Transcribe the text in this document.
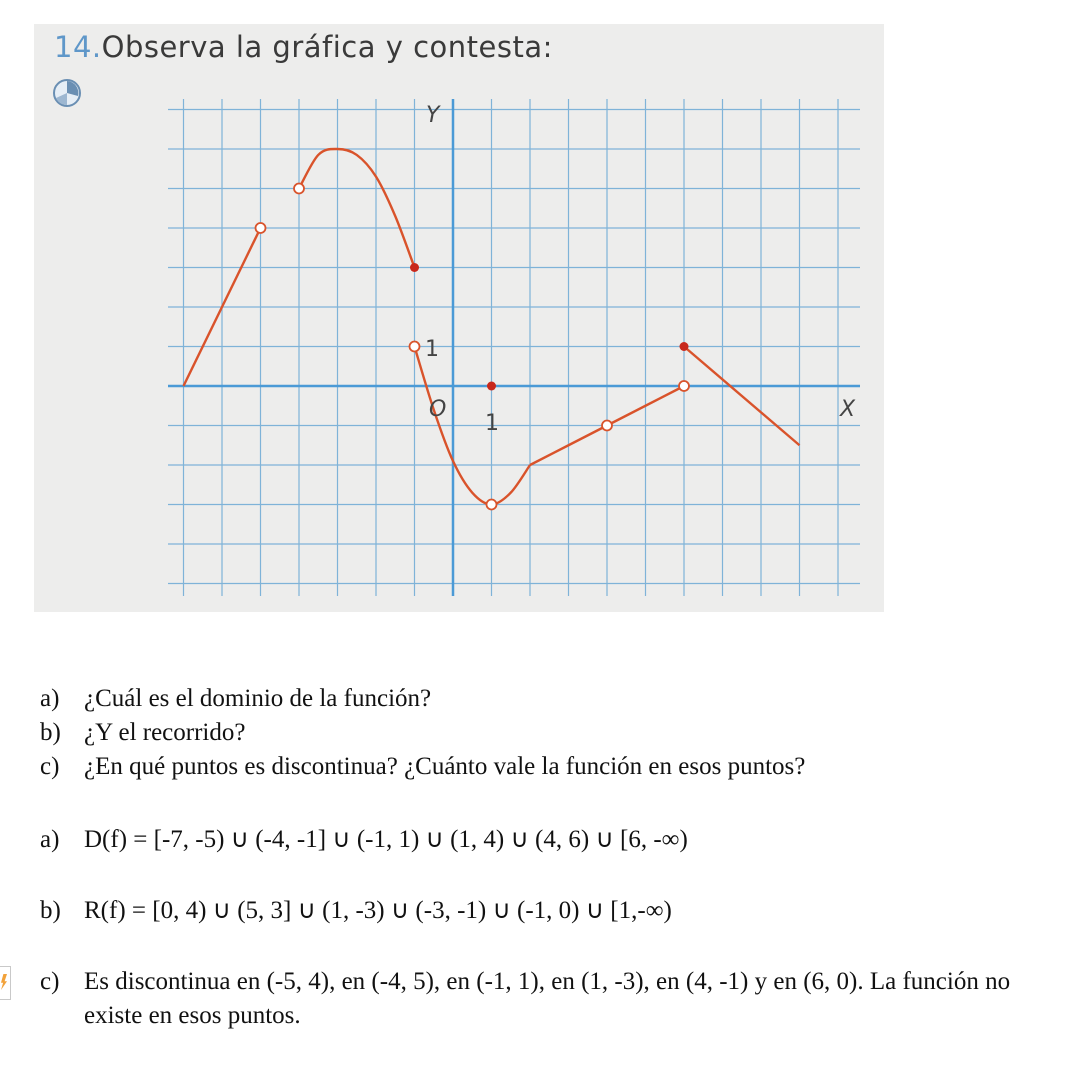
Y
X
O
1
1
14.Observa la gráfica y contesta:
a) ¿Cuál es el dominio de la función?
b) ¿Y el recorrido?
c) ¿En qué puntos es discontinua? ¿Cuánto vale la función en esos puntos?
a) D(f) = [-7, -5) ∪ (-4, -1] ∪ (-1, 1) ∪ (1, 4) ∪ (4, 6) ∪ [6, -∞)
b) R(f) = [0, 4) ∪ (5, 3] ∪ (1, -3) ∪ (-3, -1) ∪ (-1, 0) ∪ [1,-∞)
c) Es discontinua en (-5, 4), en (-4, 5), en (-1, 1), en (1, -3), en (4, -1) y en (6, 0). La función no existe en esos puntos.
